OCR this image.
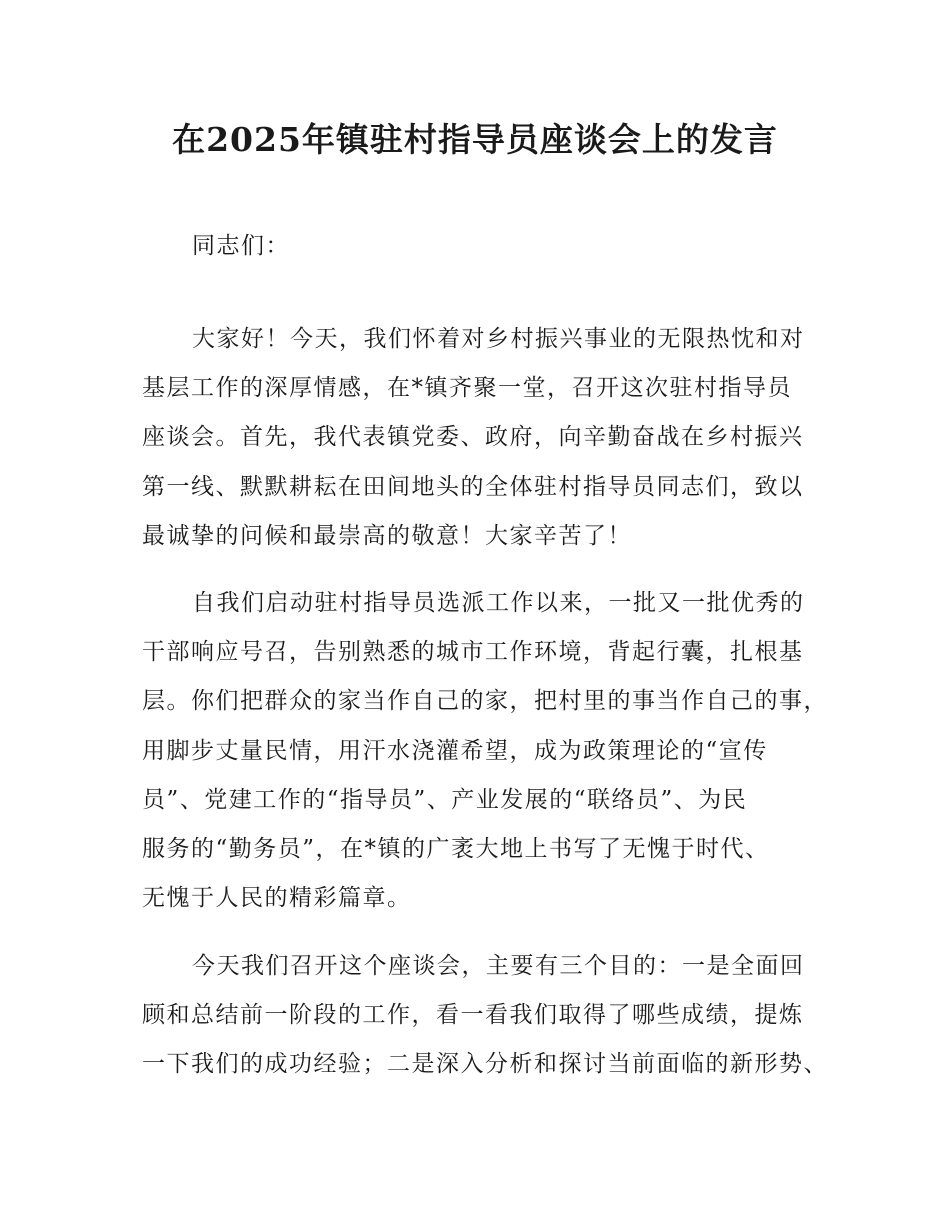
在2025年镇驻村指导员座谈会上的发言

同志们：

大家好！今天，我们怀着对乡村振兴事业的无限热忱和对

基层工作的深厚情感，在*镇齐聚一堂，召开这次驻村指导员

座谈会。首先，我代表镇党委、政府，向辛勤奋战在乡村振兴

第一线、默默耕耘在田间地头的全体驻村指导员同志们，致以

最诚挚的问候和最崇高的敬意！大家辛苦了！

自我们启动驻村指导员选派工作以来，一批又一批优秀的

干部响应号召，告别熟悉的城市工作环境，背起行囊，扎根基

层。你们把群众的家当作自己的家，把村里的事当作自己的事，

用脚步丈量民情，用汗水浇灌希望，成为政策理论的“宣传

员”、党建工作的“指导员”、产业发展的“联络员”、为民

服务的“勤务员”，在*镇的广袤大地上书写了无愧于时代、

无愧于人民的精彩篇章。

今天我们召开这个座谈会，主要有三个目的：一是全面回

顾和总结前一阶段的工作，看一看我们取得了哪些成绩，提炼

一下我们的成功经验；二是深入分析和探讨当前面临的新形势、
